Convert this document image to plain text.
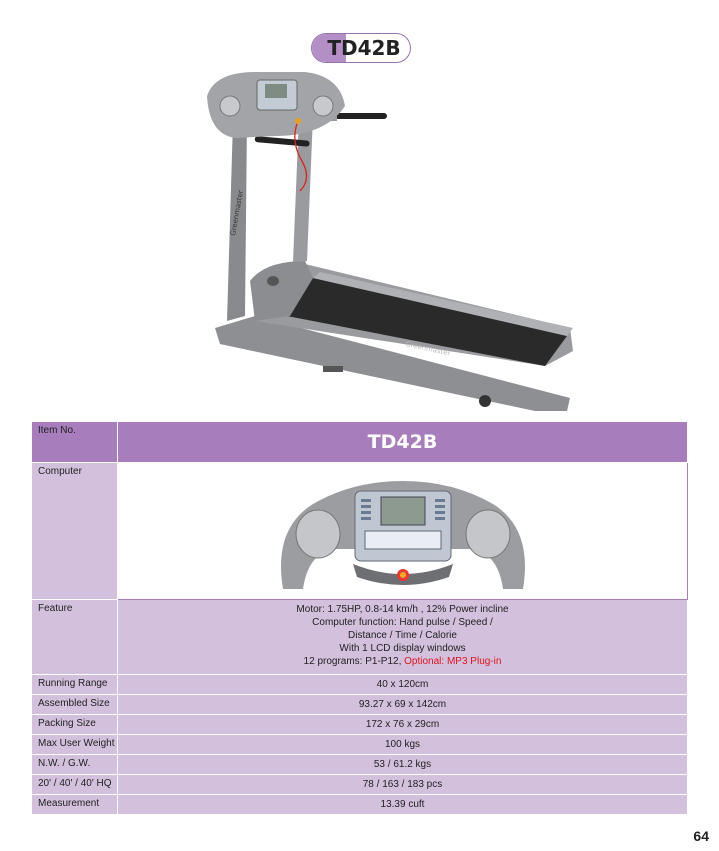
TD42B
Greenmaster
Greenmaster
Item No.	TD42B
Computer	
Feature	Motor: 1.75HP, 0.8-14 km/h , 12% Power incline
Computer function: Hand pulse / Speed /
Distance / Time / Calorie
With 1 LCD display windows
12 programs: P1-P12, Optional: MP3 Plug-in

Running Range	40 x 120cm
Assembled Size	93.27 x 69 x 142cm
Packing Size	172 x 76 x 29cm
Max User Weight	100 kgs
N.W. / G.W.	53 / 61.2 kgs
20' / 40' / 40' HQ	78 / 163 / 183 pcs
Measurement	13.39 cuft
64
